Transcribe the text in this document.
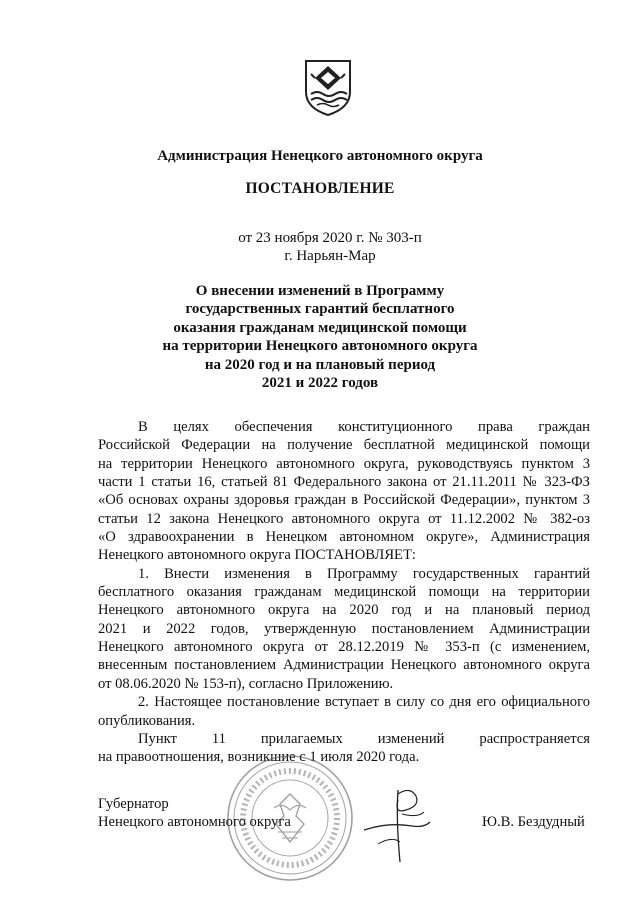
Администрация Ненецкого автономного округа
ПОСТАНОВЛЕНИЕ
от 23 ноября 2020 г. № 303-п
г. Нарьян-Мар
О внесении изменений в Программу
государственных гарантий бесплатного
оказания гражданам медицинской помощи
на территории Ненецкого автономного округа
на 2020 год и на плановый период
2021 и 2022 годов
В целях обеспечения конституционного права граждан
Российской Федерации на получение бесплатной медицинской помощи
на территории Ненецкого автономного округа, руководствуясь пунктом 3
части 1 статьи 16, статьей 81 Федерального закона от 21.11.2011 № 323-ФЗ
«Об основах охраны здоровья граждан в Российской Федерации», пунктом 3
статьи 12 закона Ненецкого автономного округа от 11.12.2002 № 382-оз
«О здравоохранении в Ненецком автономном округе», Администрация
Ненецкого автономного округа ПОСТАНОВЛЯЕТ:
1. Внести изменения в Программу государственных гарантий
бесплатного оказания гражданам медицинской помощи на территории
Ненецкого автономного округа на 2020 год и на плановый период
2021 и 2022 годов, утвержденную постановлением Администрации
Ненецкого автономного округа от 28.12.2019 № 353-п (с изменением,
внесенным постановлением Администрации Ненецкого автономного округа
от 08.06.2020 № 153-п), согласно Приложению.
2. Настоящее постановление вступает в силу со дня его официального
опубликования.
Пункт 11 прилагаемых изменений распространяется
на правоотношения, возникшие с 1 июля 2020 года.
Губернатор
Ненецкого автономного округа	Ю.В. Бездудный
